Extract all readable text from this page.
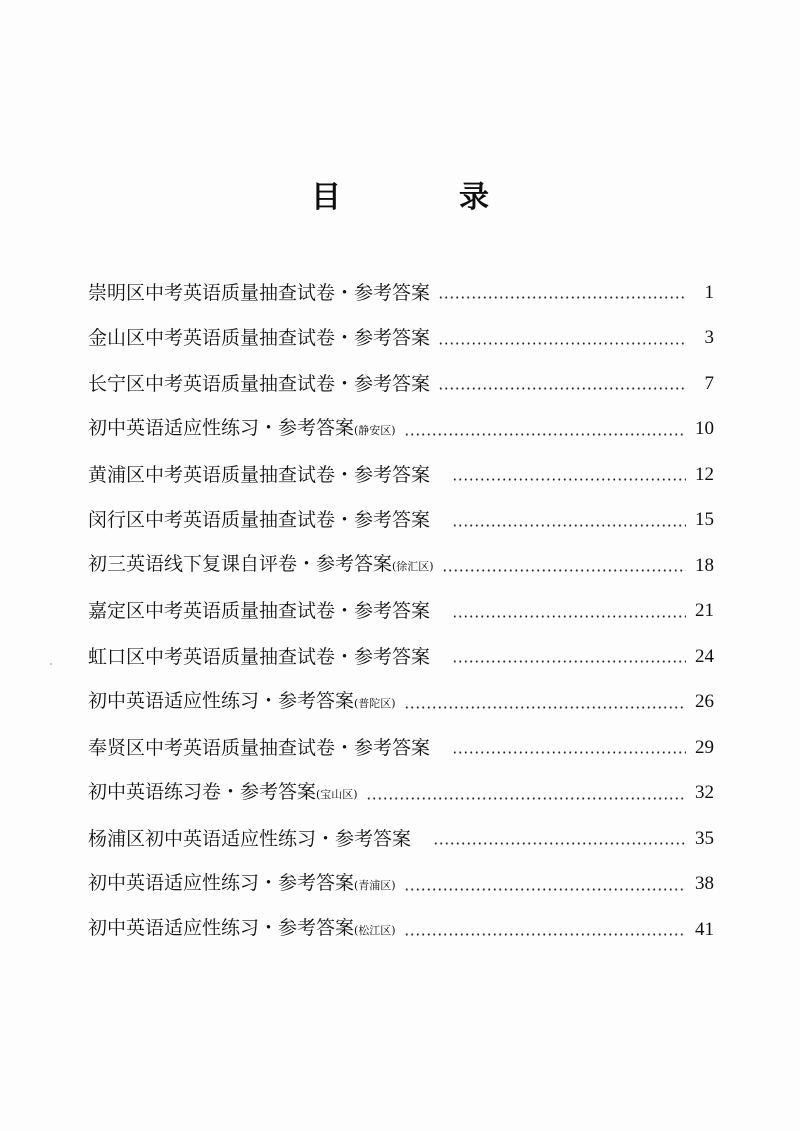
目　录
崇明区中考英语质量抽查试卷・参考答案	1
金山区中考英语质量抽查试卷・参考答案	3
长宁区中考英语质量抽查试卷・参考答案	7
初中英语适应性练习・参考答案(静安区)	10
黄浦区中考英语质量抽查试卷・参考答案	12
闵行区中考英语质量抽查试卷・参考答案	15
初三英语线下复课自评卷・参考答案(徐汇区)	18
嘉定区中考英语质量抽查试卷・参考答案	21
虹口区中考英语质量抽查试卷・参考答案	24
初中英语适应性练习・参考答案(普陀区)	26
奉贤区中考英语质量抽查试卷・参考答案	29
初中英语练习卷・参考答案(宝山区)	32
杨浦区初中英语适应性练习・参考答案	35
初中英语适应性练习・参考答案(青浦区)	38
初中英语适应性练习・参考答案(松江区)	41
